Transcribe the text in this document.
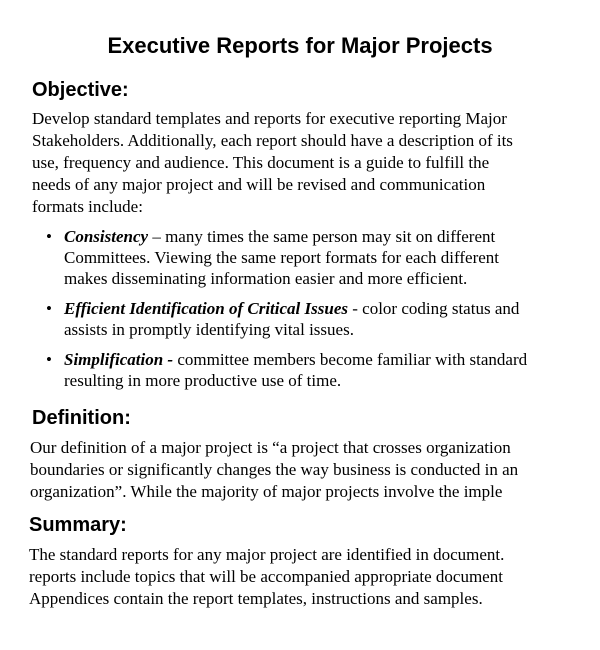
Executive Reports for Major Projects
Objective:
Develop standard templates and reports for executive reporting Major
Stakeholders. Additionally, each report should have a description of its
use, frequency and audience. This document is a guide to fulfill the
needs of any major project and will be revised and communication
formats include:
• Consistency – many times the same person may sit on different
Committees. Viewing the same report formats for each different
makes disseminating information easier and more efficient.
• Efficient Identification of Critical Issues - color coding status and
assists in promptly identifying vital issues.
• Simplification - committee members become familiar with standard
resulting in more productive use of time.
Definition:
Our definition of a major project is “a project that crosses organization
boundaries or significantly changes the way business is conducted in an
organization”. While the majority of major projects involve the imple
Summary:
The standard reports for any major project are identified in document.
reports include topics that will be accompanied appropriate document
Appendices contain the report templates, instructions and samples.
